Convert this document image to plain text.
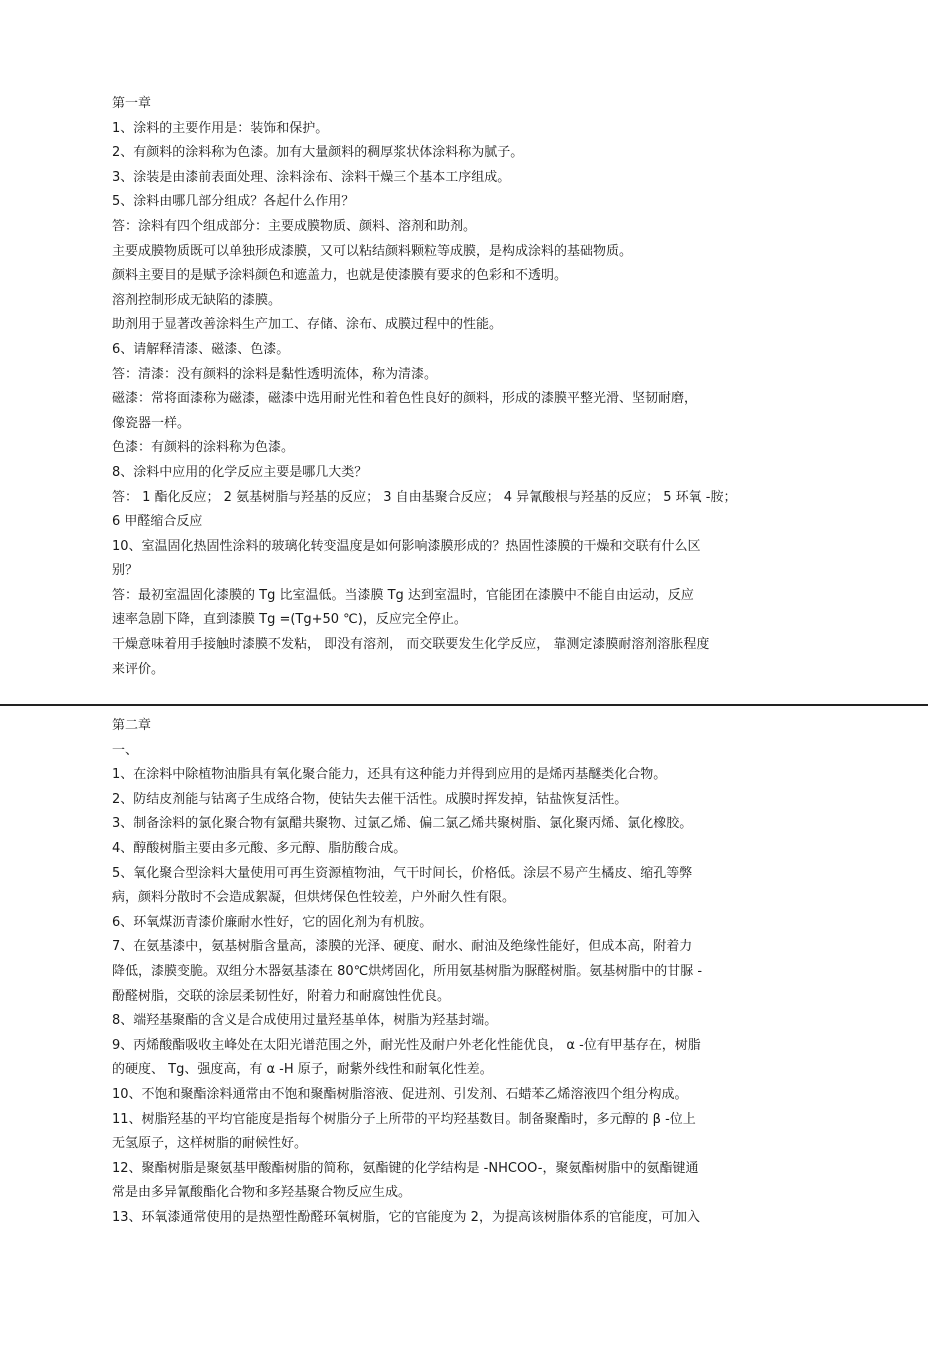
第一章
1、涂料的主要作用是：装饰和保护。
2、有颜料的涂料称为色漆。加有大量颜料的稠厚浆状体涂料称为腻子。
3、涂装是由漆前表面处理、涂料涂布、涂料干燥三个基本工序组成。
5、涂料由哪几部分组成？各起什么作用？
答：涂料有四个组成部分：主要成膜物质、颜料、溶剂和助剂。
主要成膜物质既可以单独形成漆膜，又可以粘结颜料颗粒等成膜，是构成涂料的基础物质。
颜料主要目的是赋予涂料颜色和遮盖力，也就是使漆膜有要求的色彩和不透明。
溶剂控制形成无缺陷的漆膜。
助剂用于显著改善涂料生产加工、存储、涂布、成膜过程中的性能。
6、请解释清漆、磁漆、色漆。
答：清漆：没有颜料的涂料是黏性透明流体，称为清漆。
磁漆：常将面漆称为磁漆，磁漆中选用耐光性和着色性良好的颜料，形成的漆膜平整光滑、坚韧耐磨，
像瓷器一样。
色漆：有颜料的涂料称为色漆。
8、涂料中应用的化学反应主要是哪几大类？
答： 1 酯化反应； 2 氨基树脂与羟基的反应； 3 自由基聚合反应； 4 异氰酸根与羟基的反应； 5 环氧 -胺；
6 甲醛缩合反应
10、室温固化热固性涂料的玻璃化转变温度是如何影响漆膜形成的？热固性漆膜的干燥和交联有什么区
别？
答：最初室温固化漆膜的 Tg 比室温低。当漆膜 Tg 达到室温时，官能团在漆膜中不能自由运动，反应
速率急剧下降，直到漆膜 Tg =(Tg+50 ℃)，反应完全停止。
干燥意味着用手接触时漆膜不发粘， 即没有溶剂， 而交联要发生化学反应， 靠测定漆膜耐溶剂溶胀程度
来评价。
第二章
一、
1、在涂料中除植物油脂具有氧化聚合能力，还具有这种能力并得到应用的是烯丙基醚类化合物。
2、防结皮剂能与钴离子生成络合物，使钴失去催干活性。成膜时挥发掉，钴盐恢复活性。
3、制备涂料的氯化聚合物有氯醋共聚物、过氯乙烯、偏二氯乙烯共聚树脂、氯化聚丙烯、氯化橡胶。
4、醇酸树脂主要由多元酸、多元醇、脂肪酸合成。
5、氧化聚合型涂料大量使用可再生资源植物油，气干时间长，价格低。涂层不易产生橘皮、缩孔等弊
病，颜料分散时不会造成絮凝，但烘烤保色性较差，户外耐久性有限。
6、环氧煤沥青漆价廉耐水性好，它的固化剂为有机胺。
7、在氨基漆中，氨基树脂含量高，漆膜的光泽、硬度、耐水、耐油及绝缘性能好，但成本高，附着力
降低，漆膜变脆。双组分木器氨基漆在 80℃烘烤固化，所用氨基树脂为脲醛树脂。氨基树脂中的甘脲 -
酚醛树脂，交联的涂层柔韧性好，附着力和耐腐蚀性优良。
8、端羟基聚酯的含义是合成使用过量羟基单体，树脂为羟基封端。
9、丙烯酸酯吸收主峰处在太阳光谱范围之外，耐光性及耐户外老化性能优良， α -位有甲基存在，树脂
的硬度、 Tg、强度高，有 α -H 原子，耐紫外线性和耐氧化性差。
10、不饱和聚酯涂料通常由不饱和聚酯树脂溶液、促进剂、引发剂、石蜡苯乙烯溶液四个组分构成。
11、树脂羟基的平均官能度是指每个树脂分子上所带的平均羟基数目。制备聚酯时，多元醇的 β -位上
无氢原子，这样树脂的耐候性好。
12、聚酯树脂是聚氨基甲酸酯树脂的简称，氨酯键的化学结构是 -NHCOO-，聚氨酯树脂中的氨酯键通
常是由多异氰酸酯化合物和多羟基聚合物反应生成。
13、环氧漆通常使用的是热塑性酚醛环氧树脂，它的官能度为 2，为提高该树脂体系的官能度，可加入
